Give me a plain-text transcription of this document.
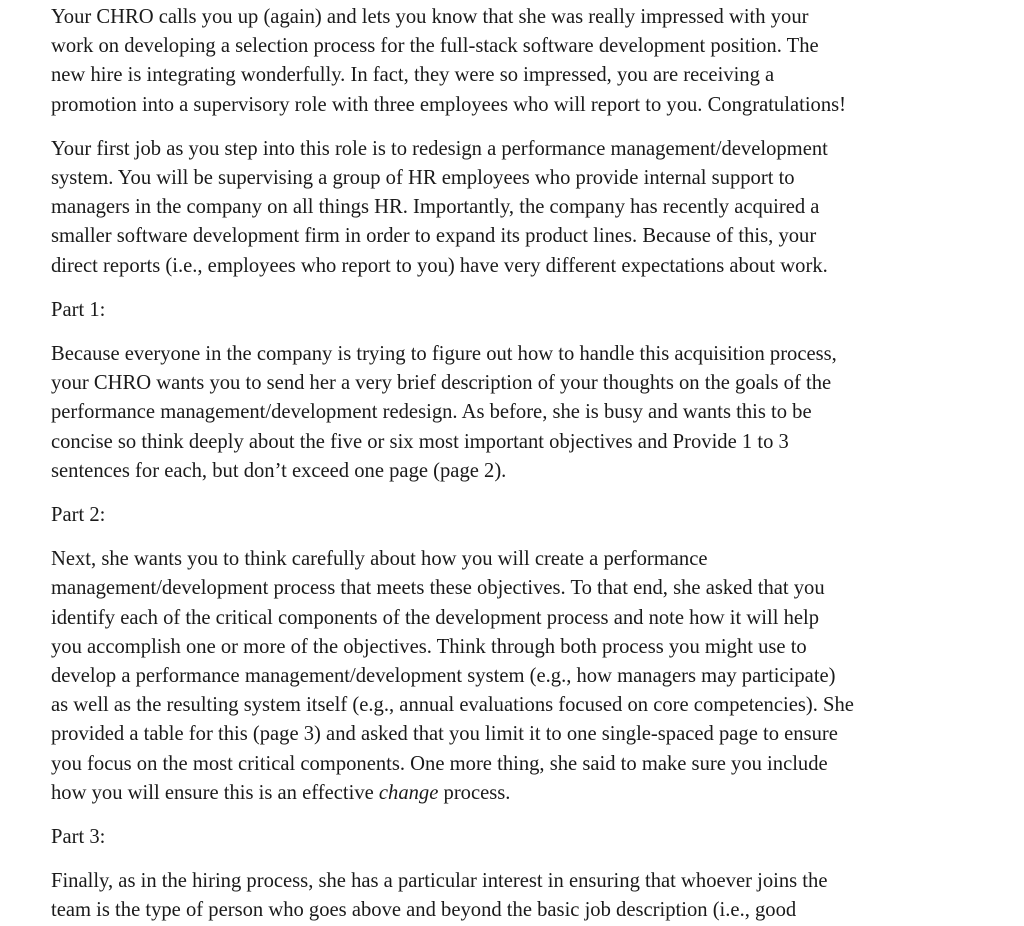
Your CHRO calls you up (again) and lets you know that she was really impressed with your
work on developing a selection process for the full-stack software development position. The
new hire is integrating wonderfully. In fact, they were so impressed, you are receiving a
promotion into a supervisory role with three employees who will report to you. Congratulations!

Your first job as you step into this role is to redesign a performance management/development
system. You will be supervising a group of HR employees who provide internal support to
managers in the company on all things HR. Importantly, the company has recently acquired a
smaller software development firm in order to expand its product lines. Because of this, your
direct reports (i.e., employees who report to you) have very different expectations about work.

Part 1:

Because everyone in the company is trying to figure out how to handle this acquisition process,
your CHRO wants you to send her a very brief description of your thoughts on the goals of the
performance management/development redesign. As before, she is busy and wants this to be
concise so think deeply about the five or six most important objectives and Provide 1 to 3
sentences for each, but don’t exceed one page (page 2).

Part 2:

Next, she wants you to think carefully about how you will create a performance
management/development process that meets these objectives. To that end, she asked that you
identify each of the critical components of the development process and note how it will help
you accomplish one or more of the objectives. Think through both process you might use to
develop a performance management/development system (e.g., how managers may participate)
as well as the resulting system itself (e.g., annual evaluations focused on core competencies). She
provided a table for this (page 3) and asked that you limit it to one single-spaced page to ensure
you focus on the most critical components. One more thing, she said to make sure you include
how you will ensure this is an effective change process.

Part 3:

Finally, as in the hiring process, she has a particular interest in ensuring that whoever joins the
team is the type of person who goes above and beyond the basic job description (i.e., good
